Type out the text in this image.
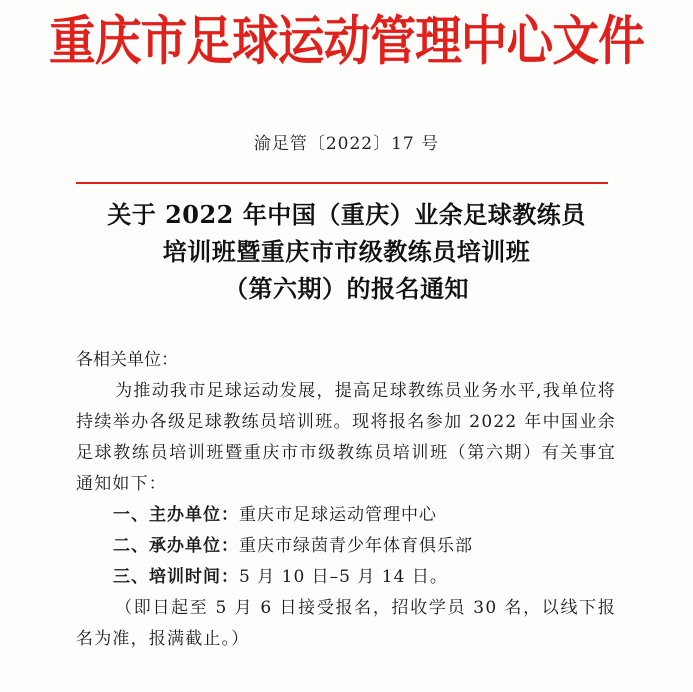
重庆市足球运动管理中心文件
渝足管〔2022〕17 号
关于 2022 年中国（重庆）业余足球教练员
培训班暨重庆市市级教练员培训班
（第六期）的报名通知

各相关单位：

为推动我市足球运动发展，提高足球教练员业务水平,我单位将持续举办各级足球教练员培训班。现将报名参加 2022 年中国业余足球教练员培训班暨重庆市市级教练员培训班（第六期）有关事宜通知如下：

一、主办单位：重庆市足球运动管理中心

二、承办单位：重庆市绿茵青少年体育俱乐部

三、培训时间：5 月 10 日–5 月 14 日。

（即日起至 5 月 6 日接受报名，招收学员 30 名，以线下报名为准，报满截止。）
